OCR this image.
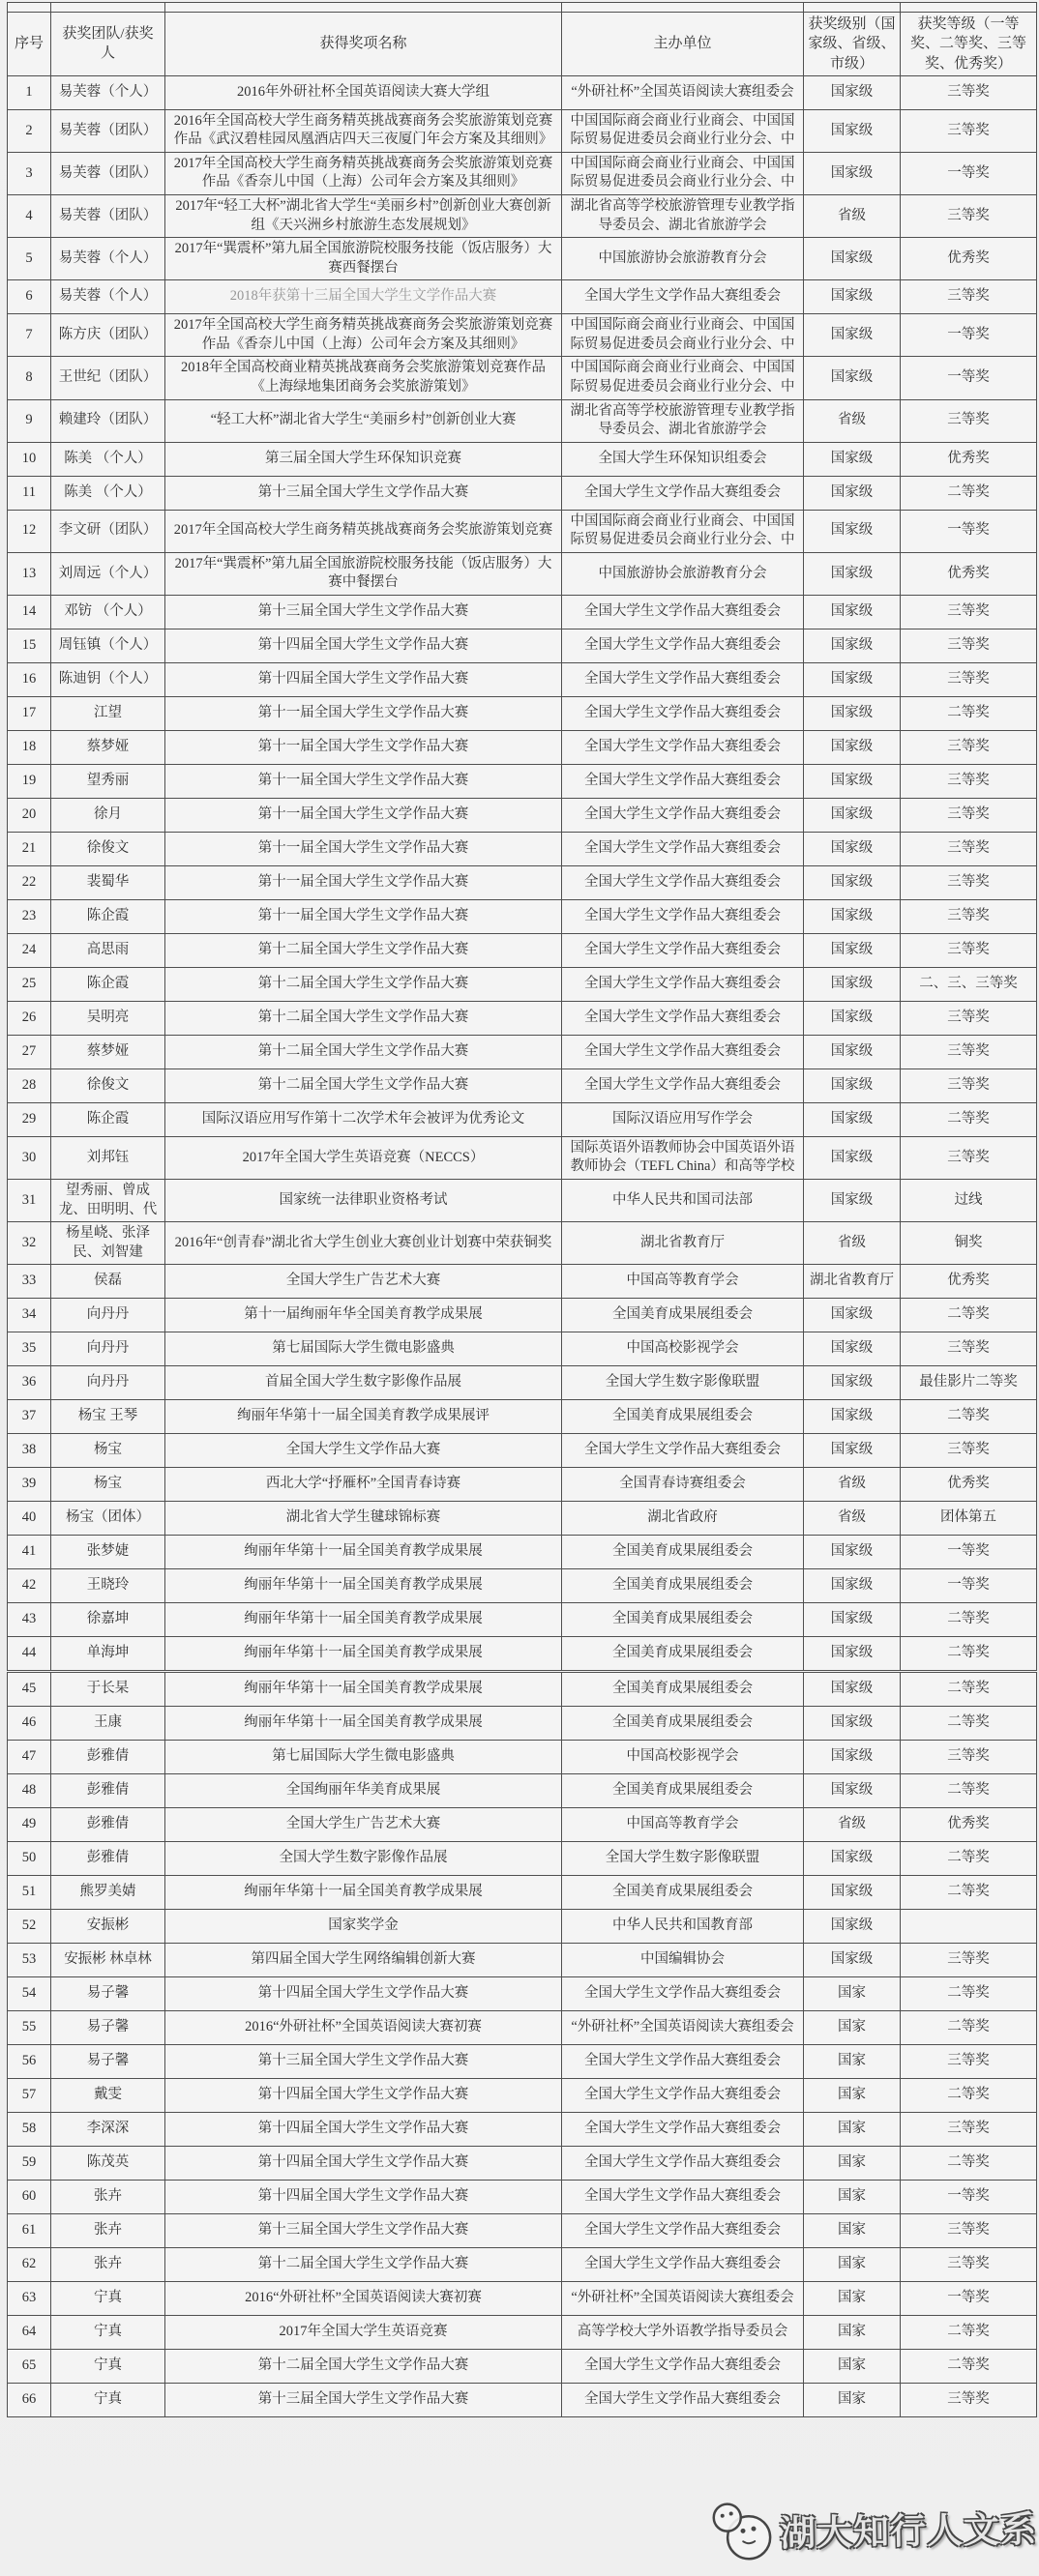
序号	获奖团队/获奖人	获得奖项名称	主办单位	获奖级别（国家级、省级、市级）	获奖等级（一等奖、二等奖、三等奖、优秀奖）
1	易芙蓉（个人）	2016年外研社杯全国英语阅读大赛大学组	“外研社杯”全国英语阅读大赛组委会	国家级	三等奖
2	易芙蓉（团队）	2016年全国高校大学生商务精英挑战赛商务会奖旅游策划竞赛作品《武汉碧桂园凤凰酒店四天三夜厦门年会方案及其细则》	中国国际商会商业行业商会、中国国际贸易促进委员会商业行业分会、中	国家级	三等奖
3	易芙蓉（团队）	2017年全国高校大学生商务精英挑战赛商务会奖旅游策划竞赛作品《香奈儿中国（上海）公司年会方案及其细则》	中国国际商会商业行业商会、中国国际贸易促进委员会商业行业分会、中	国家级	一等奖
4	易芙蓉（团队）	2017年“轻工大杯”湖北省大学生“美丽乡村”创新创业大赛创新组《天兴洲乡村旅游生态发展规划》	湖北省高等学校旅游管理专业教学指导委员会、湖北省旅游学会	省级	三等奖
5	易芙蓉（个人）	2017年“巽震杯”第九届全国旅游院校服务技能（饭店服务）大赛西餐摆台	中国旅游协会旅游教育分会	国家级	优秀奖
6	易芙蓉（个人）	2018年获第十三届全国大学生文学作品大赛	全国大学生文学作品大赛组委会	国家级	三等奖
7	陈方庆（团队）	2017年全国高校大学生商务精英挑战赛商务会奖旅游策划竞赛作品《香奈儿中国（上海）公司年会方案及其细则》	中国国际商会商业行业商会、中国国际贸易促进委员会商业行业分会、中	国家级	一等奖
8	王世纪（团队）	2018年全国高校商业精英挑战赛商务会奖旅游策划竞赛作品《上海绿地集团商务会奖旅游策划》	中国国际商会商业行业商会、中国国际贸易促进委员会商业行业分会、中	国家级	一等奖
9	赖建玲（团队）	“轻工大杯”湖北省大学生“美丽乡村”创新创业大赛	湖北省高等学校旅游管理专业教学指导委员会、湖北省旅游学会	省级	三等奖
10	陈美 （个人）	第三届全国大学生环保知识竞赛	全国大学生环保知识组委会	国家级	优秀奖
11	陈美 （个人）	第十三届全国大学生文学作品大赛	全国大学生文学作品大赛组委会	国家级	二等奖
12	李文研（团队）	2017年全国高校大学生商务精英挑战赛商务会奖旅游策划竞赛	中国国际商会商业行业商会、中国国际贸易促进委员会商业行业分会、中	国家级	一等奖
13	刘周远（个人）	2017年“巽震杯”第九届全国旅游院校服务技能（饭店服务）大赛中餐摆台	中国旅游协会旅游教育分会	国家级	优秀奖
14	邓钫 （个人）	第十三届全国大学生文学作品大赛	全国大学生文学作品大赛组委会	国家级	三等奖
15	周钰镇（个人）	第十四届全国大学生文学作品大赛	全国大学生文学作品大赛组委会	国家级	三等奖
16	陈迪钥（个人）	第十四届全国大学生文学作品大赛	全国大学生文学作品大赛组委会	国家级	三等奖
17	江望	第十一届全国大学生文学作品大赛	全国大学生文学作品大赛组委会	国家级	二等奖
18	蔡梦娅	第十一届全国大学生文学作品大赛	全国大学生文学作品大赛组委会	国家级	三等奖
19	望秀丽	第十一届全国大学生文学作品大赛	全国大学生文学作品大赛组委会	国家级	三等奖
20	徐月	第十一届全国大学生文学作品大赛	全国大学生文学作品大赛组委会	国家级	三等奖
21	徐俊文	第十一届全国大学生文学作品大赛	全国大学生文学作品大赛组委会	国家级	三等奖
22	裴蜀华	第十一届全国大学生文学作品大赛	全国大学生文学作品大赛组委会	国家级	三等奖
23	陈企霞	第十一届全国大学生文学作品大赛	全国大学生文学作品大赛组委会	国家级	三等奖
24	高思雨	第十二届全国大学生文学作品大赛	全国大学生文学作品大赛组委会	国家级	三等奖
25	陈企霞	第十二届全国大学生文学作品大赛	全国大学生文学作品大赛组委会	国家级	二、三、三等奖
26	吴明亮	第十二届全国大学生文学作品大赛	全国大学生文学作品大赛组委会	国家级	三等奖
27	蔡梦娅	第十二届全国大学生文学作品大赛	全国大学生文学作品大赛组委会	国家级	三等奖
28	徐俊文	第十二届全国大学生文学作品大赛	全国大学生文学作品大赛组委会	国家级	三等奖
29	陈企霞	国际汉语应用写作第十二次学术年会被评为优秀论文	国际汉语应用写作学会	国家级	二等奖
30	刘邦钰	2017年全国大学生英语竞赛（NECCS）	国际英语外语教师协会中国英语外语教师协会（TEFL China）和高等学校	国家级	三等奖
31	望秀丽、曾成龙、田明明、代	国家统一法律职业资格考试	中华人民共和国司法部	国家级	过线
32	杨星峣、张泽民、刘智建	2016年“创青春”湖北省大学生创业大赛创业计划赛中荣获铜奖	湖北省教育厅	省级	铜奖
33	侯磊	全国大学生广告艺术大赛	中国高等教育学会	湖北省教育厅	优秀奖
34	向丹丹	第十一届绚丽年华全国美育教学成果展	全国美育成果展组委会	国家级	二等奖
35	向丹丹	第七届国际大学生微电影盛典	中国高校影视学会	国家级	三等奖
36	向丹丹	首届全国大学生数字影像作品展	全国大学生数字影像联盟	国家级	最佳影片二等奖
37	杨宝 王琴	绚丽年华第十一届全国美育教学成果展评	全国美育成果展组委会	国家级	二等奖
38	杨宝	全国大学生文学作品大赛	全国大学生文学作品大赛组委会	国家级	三等奖
39	杨宝	西北大学“抒雁杯”全国青春诗赛	全国青春诗赛组委会	省级	优秀奖
40	杨宝（团体）	湖北省大学生毽球锦标赛	湖北省政府	省级	团体第五
41	张梦婕	绚丽年华第十一届全国美育教学成果展	全国美育成果展组委会	国家级	一等奖
42	王晓玲	绚丽年华第十一届全国美育教学成果展	全国美育成果展组委会	国家级	一等奖
43	徐嘉坤	绚丽年华第十一届全国美育教学成果展	全国美育成果展组委会	国家级	二等奖
44	单海坤	绚丽年华第十一届全国美育教学成果展	全国美育成果展组委会	国家级	二等奖
45	于长杲	绚丽年华第十一届全国美育教学成果展	全国美育成果展组委会	国家级	二等奖
46	王康	绚丽年华第十一届全国美育教学成果展	全国美育成果展组委会	国家级	二等奖
47	彭雅倩	第七届国际大学生微电影盛典	中国高校影视学会	国家级	三等奖
48	彭雅倩	全国绚丽年华美育成果展	全国美育成果展组委会	国家级	二等奖
49	彭雅倩	全国大学生广告艺术大赛	中国高等教育学会	省级	优秀奖
50	彭雅倩	全国大学生数字影像作品展	全国大学生数字影像联盟	国家级	二等奖
51	熊罗美婧	绚丽年华第十一届全国美育教学成果展	全国美育成果展组委会	国家级	二等奖
52	安振彬	国家奖学金	中华人民共和国教育部	国家级	
53	安振彬 林卓林	第四届全国大学生网络编辑创新大赛	中国编辑协会	国家级	三等奖
54	易子馨	第十四届全国大学生文学作品大赛	全国大学生文学作品大赛组委会	国家	二等奖
55	易子馨	2016“外研社杯”全国英语阅读大赛初赛	“外研社杯”全国英语阅读大赛组委会	国家	二等奖
56	易子馨	第十三届全国大学生文学作品大赛	全国大学生文学作品大赛组委会	国家	三等奖
57	戴雯	第十四届全国大学生文学作品大赛	全国大学生文学作品大赛组委会	国家	二等奖
58	李深深	第十四届全国大学生文学作品大赛	全国大学生文学作品大赛组委会	国家	三等奖
59	陈茂英	第十四届全国大学生文学作品大赛	全国大学生文学作品大赛组委会	国家	二等奖
60	张卉	第十四届全国大学生文学作品大赛	全国大学生文学作品大赛组委会	国家	一等奖
61	张卉	第十三届全国大学生文学作品大赛	全国大学生文学作品大赛组委会	国家	三等奖
62	张卉	第十二届全国大学生文学作品大赛	全国大学生文学作品大赛组委会	国家	三等奖
63	宁真	2016“外研社杯”全国英语阅读大赛初赛	“外研社杯”全国英语阅读大赛组委会	国家	一等奖
64	宁真	2017年全国大学生英语竞赛	高等学校大学外语教学指导委员会	国家	二等奖
65	宁真	第十二届全国大学生文学作品大赛	全国大学生文学作品大赛组委会	国家	二等奖
66	宁真	第十三届全国大学生文学作品大赛	全国大学生文学作品大赛组委会	国家	三等奖
湖大知行人文系
